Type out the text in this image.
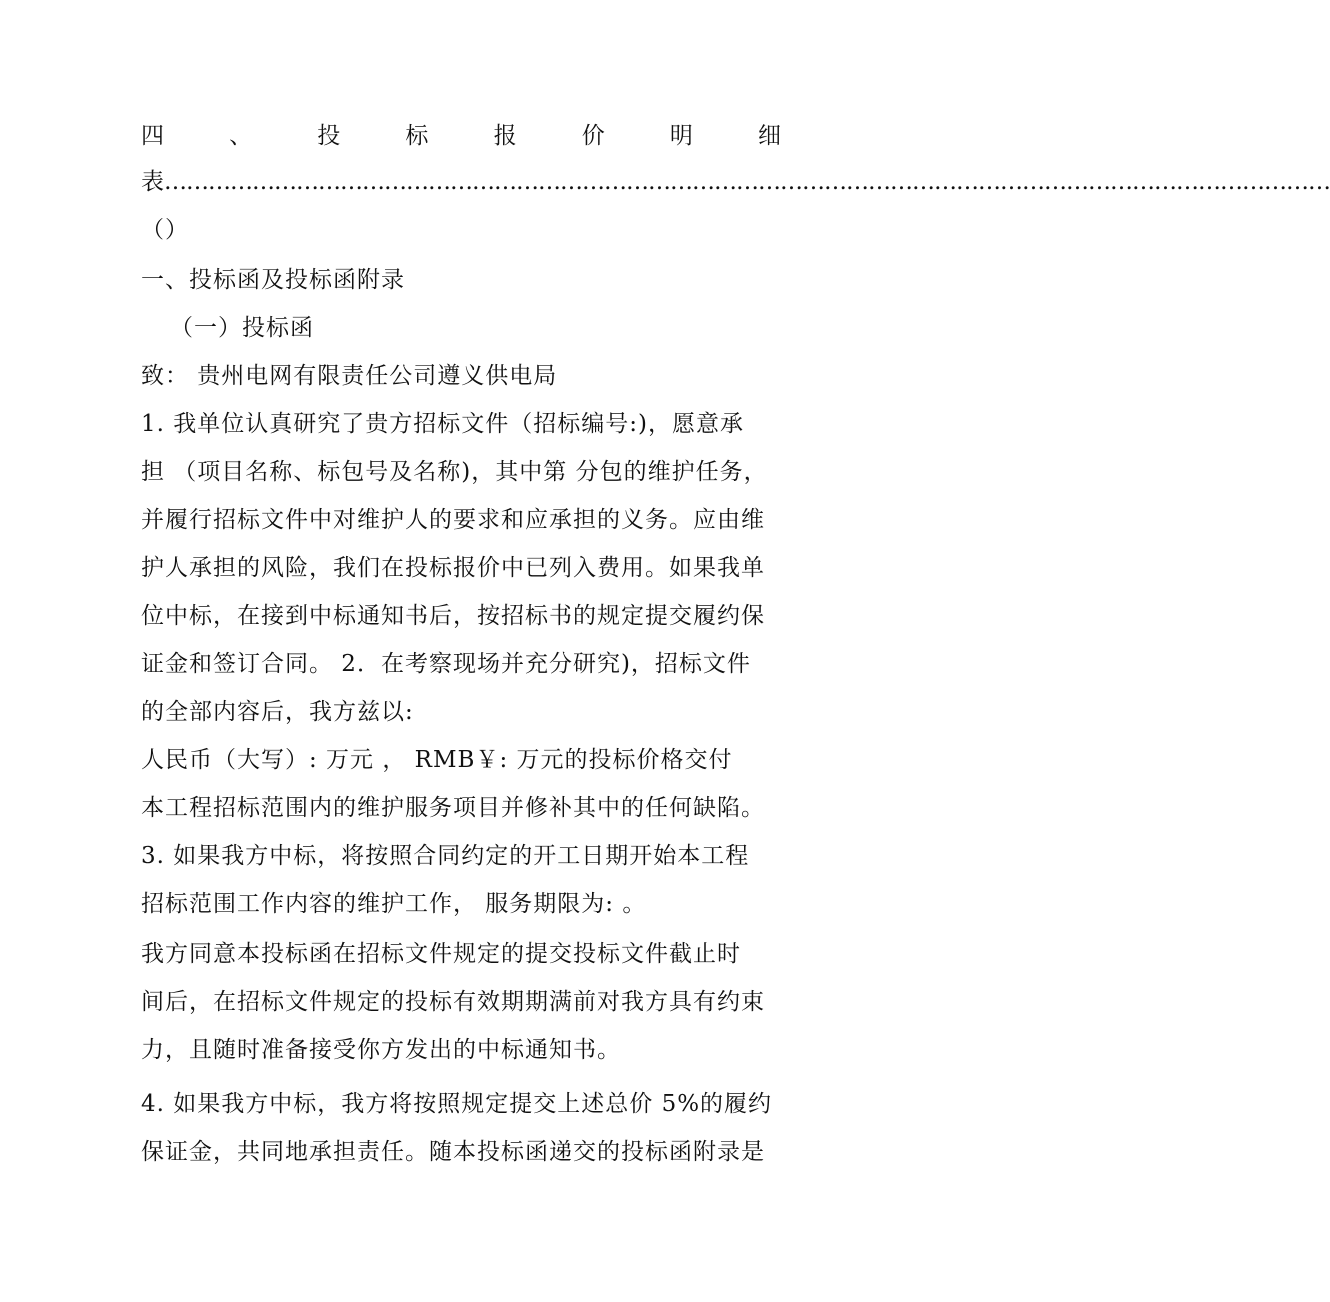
四	、	投	标	报	价	明	细
表 ……………………………………………………………………………………………………………………………………………
（）
一、投标函及投标函附录
（一）投标函
致： 贵州电网有限责任公司遵义供电局
1. 我单位认真研究了贵方招标文件（招标编号:)，愿意承
担 （项目名称、标包号及名称)，其中第 分包的维护任务，
并履行招标文件中对维护人的要求和应承担的义务。应由维
护人承担的风险，我们在投标报价中已列入费用。如果我单
位中标，在接到中标通知书后，按招标书的规定提交履约保
证金和签订合同。 2．在考察现场并充分研究)，招标文件
的全部内容后，我方兹以:
人民币（大写）: 万元 ， RMB￥: 万元的投标价格交付
本工程招标范围内的维护服务项目并修补其中的任何缺陷。
3. 如果我方中标，将按照合同约定的开工日期开始本工程
招标范围工作内容的维护工作， 服务期限为: 。
我方同意本投标函在招标文件规定的提交投标文件截止时
间后，在招标文件规定的投标有效期期满前对我方具有约束
力，且随时准备接受你方发出的中标通知书。
4. 如果我方中标，我方将按照规定提交上述总价 5%的履约
保证金，共同地承担责任。随本投标函递交的投标函附录是
